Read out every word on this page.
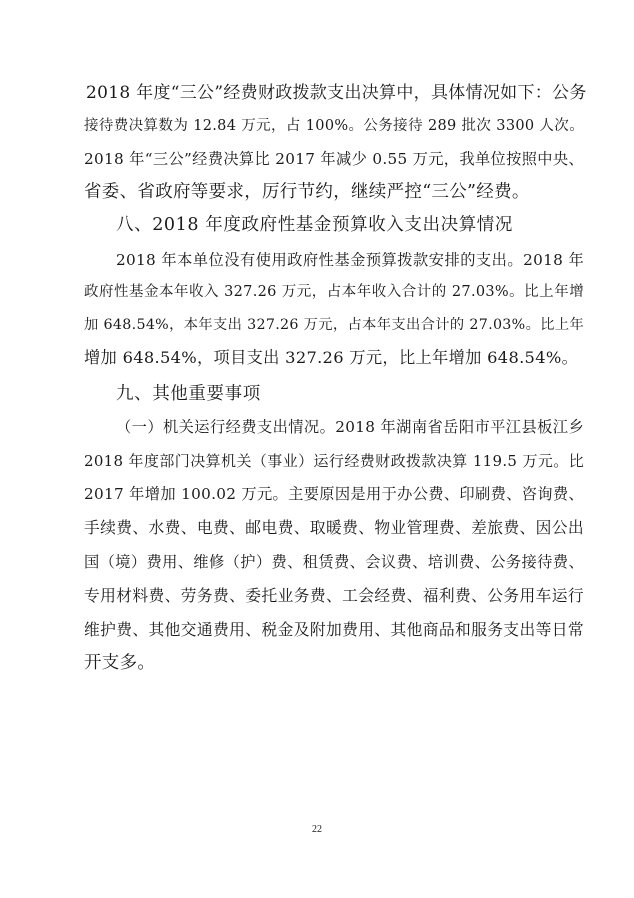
2018 年度“三公”经费财政拨款支出决算中，具体情况如下：公务
接待费决算数为 12.84 万元，占 100%。公务接待 289 批次 3300 人次。
2018 年“三公”经费决算比 2017 年减少 0.55 万元，我单位按照中央、
省委、省政府等要求，厉行节约，继续严控“三公”经费。
八、2018 年度政府性基金预算收入支出决算情况
2018 年本单位没有使用政府性基金预算拨款安排的支出。2018 年
政府性基金本年收入 327.26 万元，占本年收入合计的 27.03%。比上年增
加 648.54%，本年支出 327.26 万元，占本年支出合计的 27.03%。比上年
增加 648.54%，项目支出 327.26 万元，比上年增加 648.54%。
九、其他重要事项
（一）机关运行经费支出情况。2018 年湖南省岳阳市平江县板江乡
2018 年度部门决算机关（事业）运行经费财政拨款决算 119.5 万元。比
2017 年增加 100.02 万元。主要原因是用于办公费、印刷费、咨询费、
手续费、水费、电费、邮电费、取暖费、物业管理费、差旅费、因公出
国（境）费用、维修（护）费、租赁费、会议费、培训费、公务接待费、
专用材料费、劳务费、委托业务费、工会经费、福利费、公务用车运行
维护费、其他交通费用、税金及附加费用、其他商品和服务支出等日常
开支多。
22
